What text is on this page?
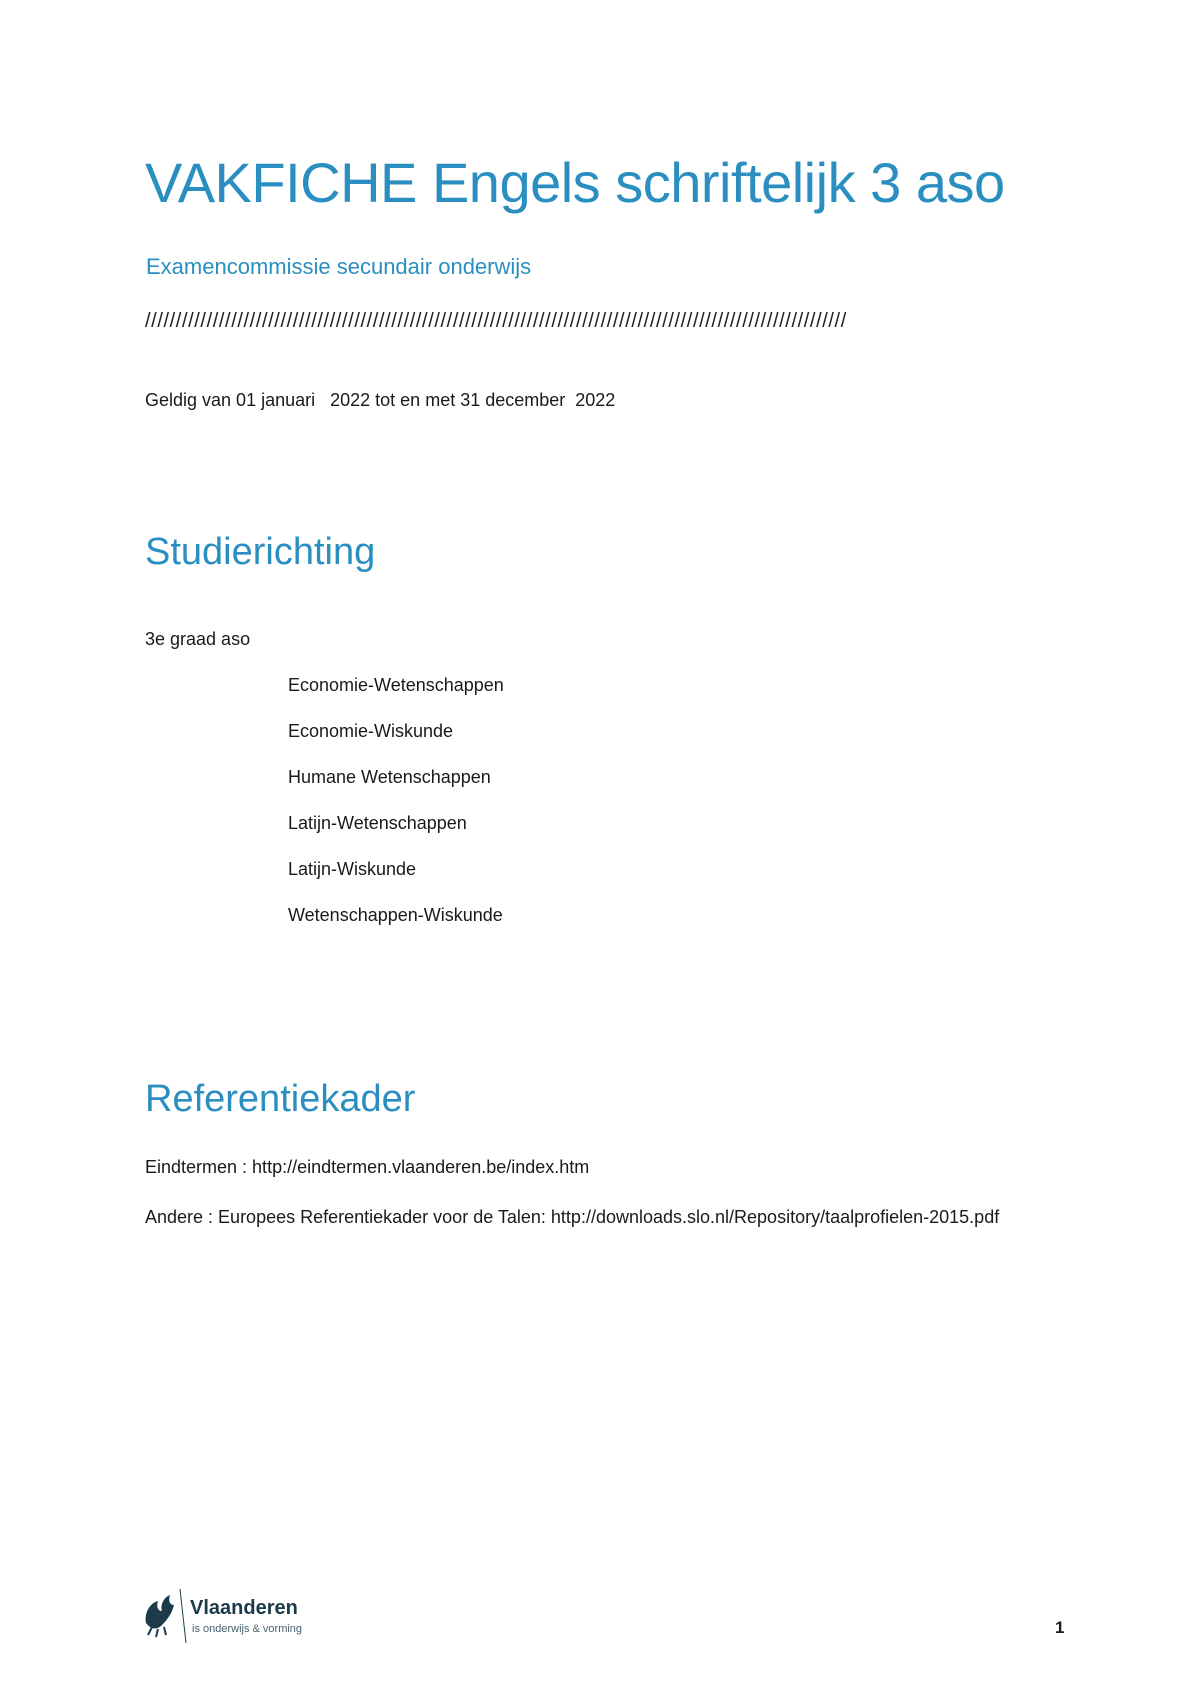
VAKFICHE Engels schriftelijk 3 aso
Examencommissie secundair onderwijs
//////////////////////////////////////////////////////////////////////////////////////////////////////////////////
Geldig van 01 januari   2022 tot en met 31 december  2022
Studierichting
3e graad aso
Economie-Wetenschappen
Economie-Wiskunde
Humane Wetenschappen
Latijn-Wetenschappen
Latijn-Wiskunde
Wetenschappen-Wiskunde
Referentiekader
Eindtermen : http://eindtermen.vlaanderen.be/index.htm
Andere : Europees Referentiekader voor de Talen: http://downloads.slo.nl/Repository/taalprofielen-2015.pdf
Vlaanderen
is onderwijs & vorming	1
